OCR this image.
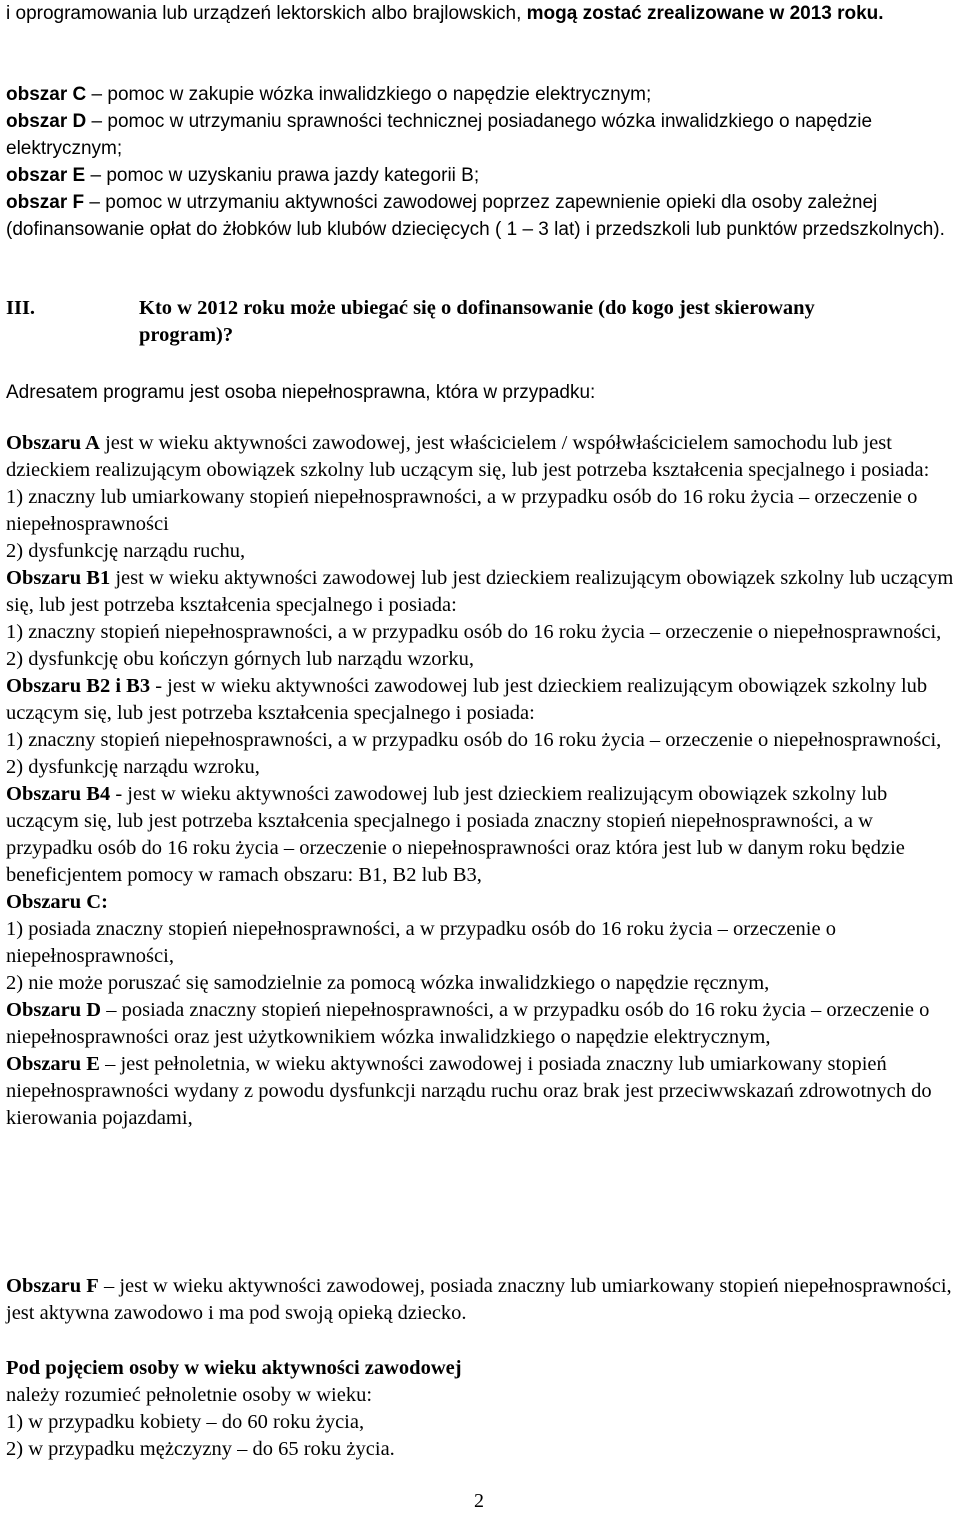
i oprogramowania lub urządzeń lektorskich albo brajlowskich, mogą zostać zrealizowane w 2013 roku.

obszar C – pomoc w zakupie wózka inwalidzkiego o napędzie elektrycznym;

obszar D – pomoc w utrzymaniu sprawności technicznej posiadanego wózka inwalidzkiego o napędzie elektrycznym;

obszar E – pomoc w uzyskaniu prawa jazdy kategorii B;

obszar F – pomoc w utrzymaniu aktywności zawodowej poprzez zapewnienie opieki dla osoby zależnej (dofinansowanie opłat do żłobków lub klubów dziecięcych ( 1 – 3 lat) i przedszkoli lub punktów przedszkolnych).

III.	Kto w 2012 roku może ubiegać się o dofinansowanie (do kogo jest skierowany
program)?
Adresatem programu jest osoba niepełnosprawna, która w przypadku:

Obszaru A jest w wieku aktywności zawodowej, jest właścicielem / współwłaścicielem samochodu lub jest dzieckiem realizującym obowiązek szkolny lub uczącym się, lub jest potrzeba kształcenia specjalnego i posiada:

1) znaczny lub umiarkowany stopień niepełnosprawności, a w przypadku osób do 16 roku życia – orzeczenie o niepełnosprawności

2) dysfunkcję narządu ruchu,

Obszaru B1 jest w wieku aktywności zawodowej lub jest dzieckiem realizującym obowiązek szkolny lub uczącym się, lub jest potrzeba kształcenia specjalnego i posiada:

1) znaczny stopień niepełnosprawności, a w przypadku osób do 16 roku życia – orzeczenie o niepełnosprawności,

2) dysfunkcję obu kończyn górnych lub narządu wzorku,

Obszaru B2 i B3 - jest w wieku aktywności zawodowej lub jest dzieckiem realizującym obowiązek szkolny lub uczącym się, lub jest potrzeba kształcenia specjalnego i posiada:

1) znaczny stopień niepełnosprawności, a w przypadku osób do 16 roku życia – orzeczenie o niepełnosprawności,

2) dysfunkcję narządu wzroku,

Obszaru B4 - jest w wieku aktywności zawodowej lub jest dzieckiem realizującym obowiązek szkolny lub uczącym się, lub jest potrzeba kształcenia specjalnego i posiada znaczny stopień niepełnosprawności, a w przypadku osób do 16 roku życia – orzeczenie o niepełnosprawności oraz która jest lub w danym roku będzie beneficjentem pomocy w ramach obszaru: B1, B2 lub B3,

Obszaru C:

1) posiada znaczny stopień niepełnosprawności, a w przypadku osób do 16 roku życia – orzeczenie o niepełnosprawności,

2) nie może poruszać się samodzielnie za pomocą wózka inwalidzkiego o napędzie ręcznym,

Obszaru D – posiada znaczny stopień niepełnosprawności, a w przypadku osób do 16 roku życia – orzeczenie o niepełnosprawności oraz jest użytkownikiem wózka inwalidzkiego o napędzie elektrycznym,

Obszaru E – jest pełnoletnia, w wieku aktywności zawodowej i posiada znaczny lub umiarkowany stopień niepełnosprawności wydany z powodu dysfunkcji narządu ruchu oraz brak jest przeciwwskazań zdrowotnych do kierowania pojazdami,

Obszaru F – jest w wieku aktywności zawodowej, posiada znaczny lub umiarkowany stopień niepełnosprawności, jest aktywna zawodowo i ma pod swoją opieką dziecko.

Pod pojęciem osoby w wieku aktywności zawodowej

należy rozumieć pełnoletnie osoby w wieku:

1) w przypadku kobiety – do 60 roku życia,

2) w przypadku mężczyzny – do 65 roku życia.

2
